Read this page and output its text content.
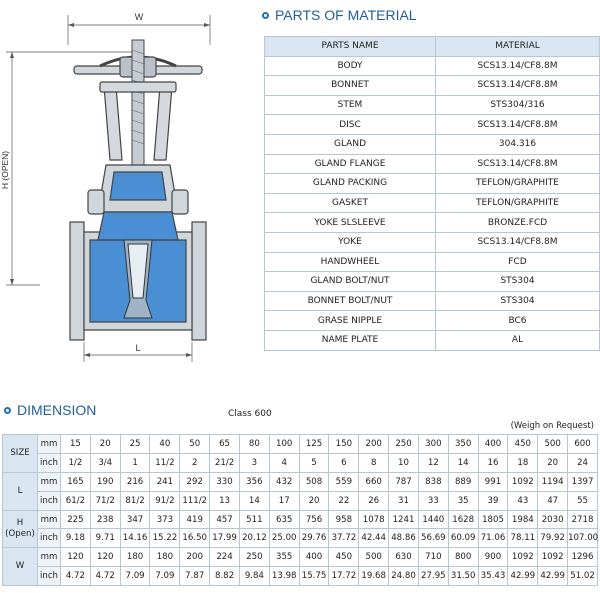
W
H (OPEN)
L
PARTS OF MATERIAL
PARTS NAME	MATERIAL
BODY	SCS13.14/CF8.8M
BONNET	SCS13.14/CF8.8M
STEM	STS304/316
DISC	SCS13.14/CF8.8M
GLAND	304.316
GLAND FLANGE	SCS13.14/CF8.8M
GLAND PACKING	TEFLON/GRAPHITE
GASKET	TEFLON/GRAPHITE
YOKE SLSLEEVE	BRONZE.FCD
YOKE	SCS13.14/CF8.8M
HANDWHEEL	FCD
GLAND BOLT/NUT	STS304
BONNET BOLT/NUT	STS304
GRASE NIPPLE	BC6
NAME PLATE	AL
DIMENSION	Class 600
(Weigh on Request)
SIZE	mm	15	20	25	40	50	65	80	100	125	150	200	250	300	350	400	450	500	600
	inch	1/2	3/4	1	11/2	2	21/2	3	4	5	6	8	10	12	14	16	18	20	24
L	mm	165	190	216	241	292	330	356	432	508	559	660	787	838	889	991	1092	1194	1397
	inch	61/2	71/2	81/2	91/2	111/2	13	14	17	20	22	26	31	33	35	39	43	47	55
H
(Open)	mm	225	238	347	373	419	457	511	635	756	958	1078	1241	1440	1628	1805	1984	2030	2718
	inch	9.18	9.71	14.16	15.22	16.50	17.99	20.12	25.00	29.76	37.72	42.44	48.86	56.69	60.09	71.06	78.11	79.92	107.00
W	mm	120	120	180	180	200	224	250	355	400	450	500	630	710	800	900	1092	1092	1296
	inch	4.72	4.72	7.09	7.09	7.87	8.82	9.84	13.98	15.75	17.72	19.68	24.80	27.95	31.50	35.43	42.99	42.99	51.02
